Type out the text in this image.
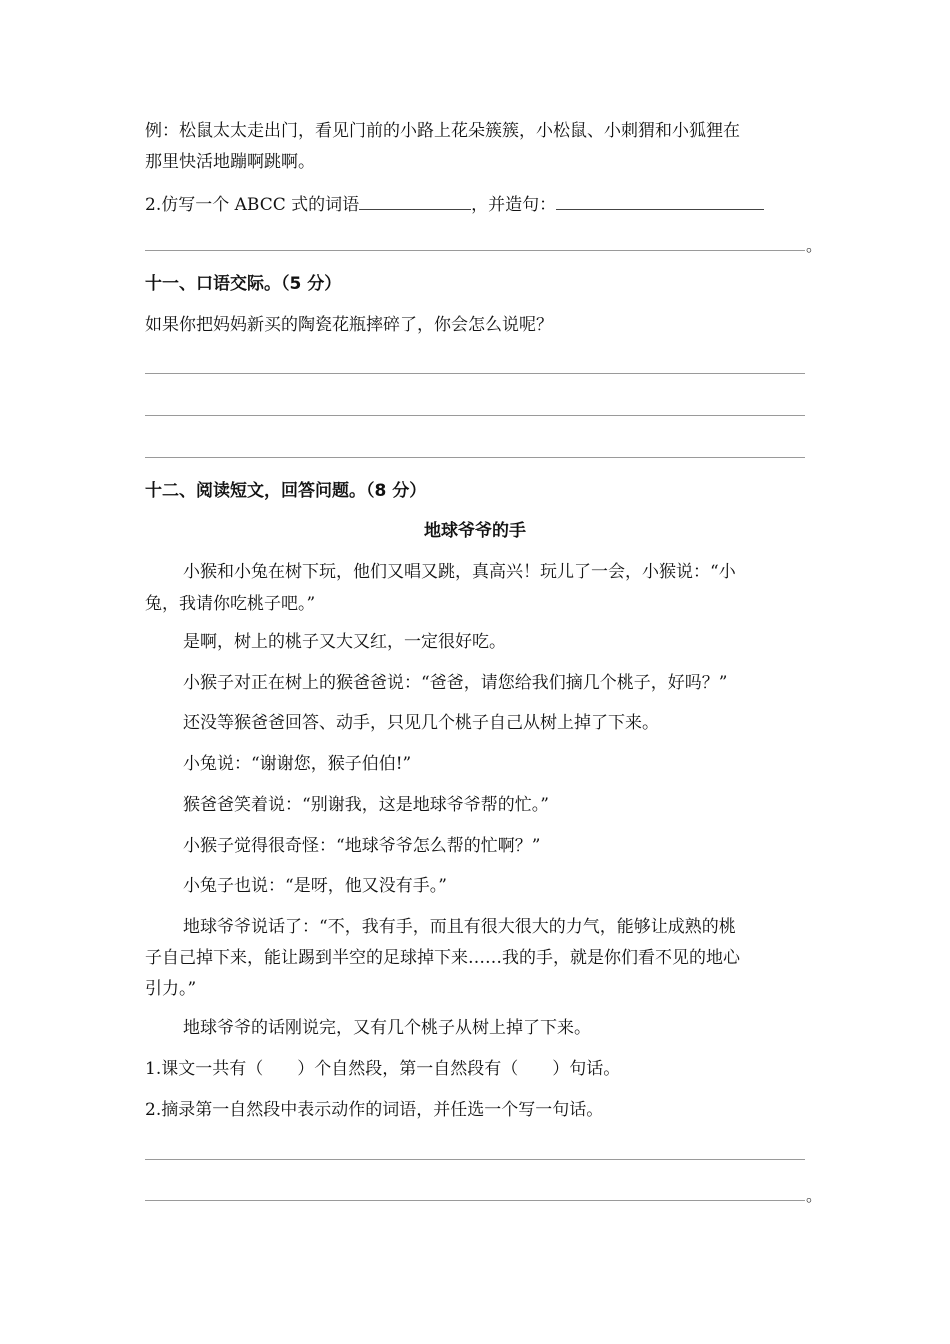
例：松鼠太太走出门，看见门前的小路上花朵簇簇，小松鼠、小刺猬和小狐狸在
那里快活地蹦啊跳啊。
2.仿写一个 ABCC 式的词语	，并造句：
。
十一、口语交际。（5 分）
如果你把妈妈新买的陶瓷花瓶摔碎了，你会怎么说呢？
十二、阅读短文，回答问题。（8 分）
地球爷爷的手
小猴和小兔在树下玩，他们又唱又跳，真高兴！玩儿了一会，小猴说：“小
兔，我请你吃桃子吧。”
是啊，树上的桃子又大又红，一定很好吃。
小猴子对正在树上的猴爸爸说：“爸爸，请您给我们摘几个桃子，好吗？”
还没等猴爸爸回答、动手，只见几个桃子自己从树上掉了下来。
小兔说：“谢谢您，猴子伯伯!”
猴爸爸笑着说：“别谢我，这是地球爷爷帮的忙。”
小猴子觉得很奇怪：“地球爷爷怎么帮的忙啊？”
小兔子也说：“是呀，他又没有手。”
地球爷爷说话了：“不，我有手，而且有很大很大的力气，能够让成熟的桃
子自己掉下来，能让踢到半空的足球掉下来……我的手，就是你们看不见的地心
引力。”
地球爷爷的话刚说完，又有几个桃子从树上掉了下来。
1.课文一共有（　　）个自然段，第一自然段有（　　）句话。
2.摘录第一自然段中表示动作的词语，并任选一个写一句话。
。
